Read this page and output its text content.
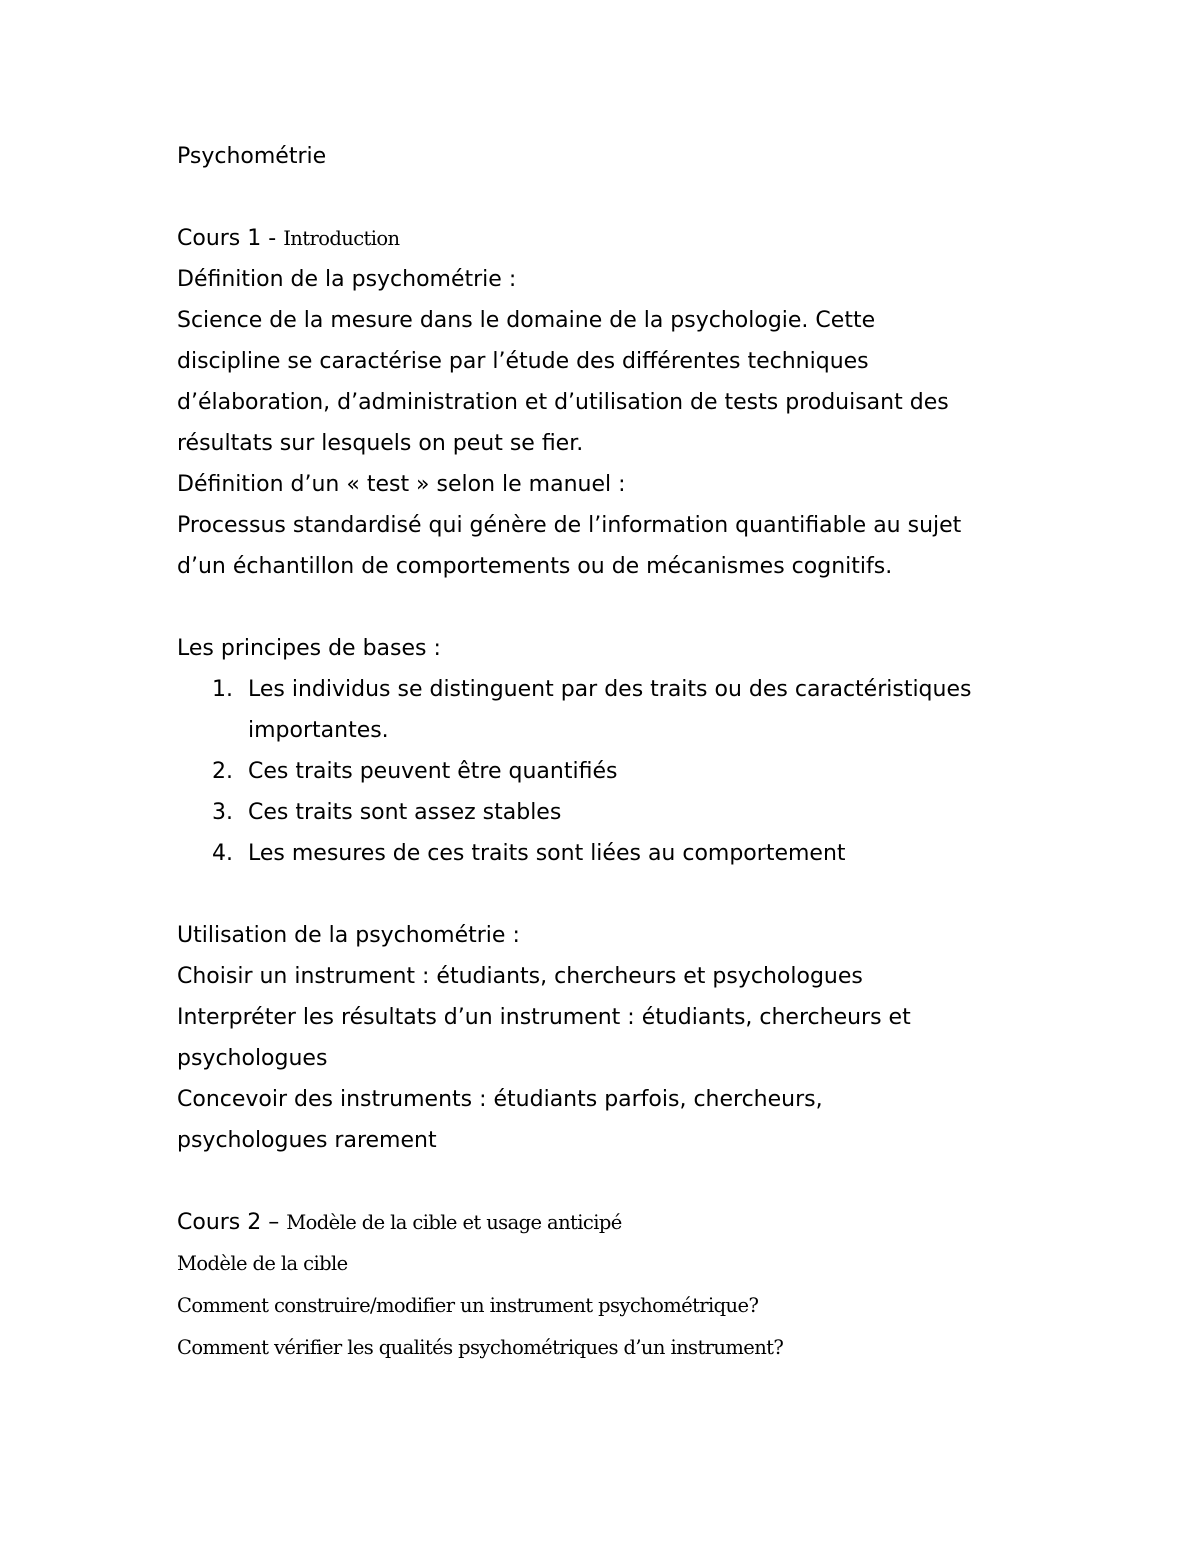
Psychométrie
Cours 1 - Introduction
Définition de la psychométrie :
Science de la mesure dans le domaine de la psychologie. Cette
discipline se caractérise par l’étude des différentes techniques
d’élaboration, d’administration et d’utilisation de tests produisant des
résultats sur lesquels on peut se fier.
Définition d’un « test » selon le manuel :
Processus standardisé qui génère de l’information quantifiable au sujet
d’un échantillon de comportements ou de mécanismes cognitifs.
Les principes de bases :
1. Les individus se distinguent par des traits ou des caractéristiques
importantes.
2. Ces traits peuvent être quantifiés
3. Ces traits sont assez stables
4. Les mesures de ces traits sont liées au comportement
Utilisation de la psychométrie :
Choisir un instrument : étudiants, chercheurs et psychologues
Interpréter les résultats d’un instrument : étudiants, chercheurs et
psychologues
Concevoir des instruments : étudiants parfois, chercheurs,
psychologues rarement
Cours 2 – Modèle de la cible et usage anticipé
Modèle de la cible
Comment construire/modifier un instrument psychométrique?
Comment vérifier les qualités psychométriques d’un instrument?
